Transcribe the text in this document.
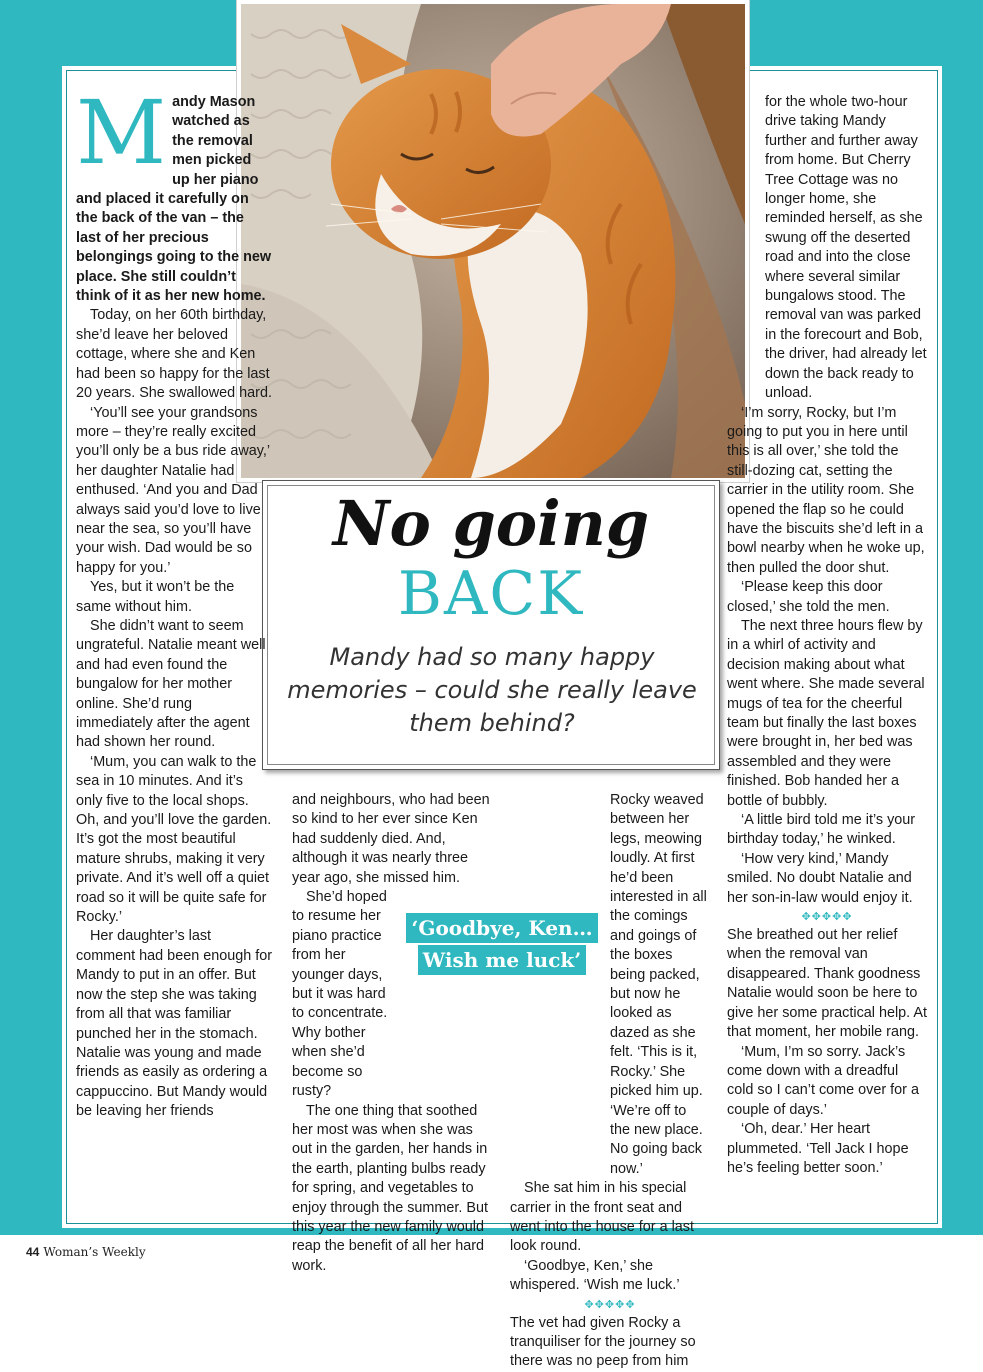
No going
BACK
Mandy had so many happy memories – could she really leave them behind?

Mandy Mason watched as the removal men picked up her piano and placed it carefully on the back of the van – the last of her precious belongings going to the new place. She still couldn’t think of it as her new home.

Today, on her 60th birthday, she’d leave her beloved cottage, where she and Ken had been so happy for the last 20 years. She swallowed hard.

‘You’ll see your grandsons more – they’re really excited you’ll only be a bus ride away,’ her daughter Natalie had enthused. ‘And you and Dad always said you’d love to live near the sea, so you’ll have your wish. Dad would be so happy for you.’

Yes, but it won’t be the same without him.

She didn’t want to seem ungrateful. Natalie meant well and had even found the bungalow for her mother online. She’d rung immediately after the agent had shown her round.

‘Mum, you can walk to the sea in 10 minutes. And it’s only five to the local shops. Oh, and you’ll love the garden. It’s got the most beautiful mature shrubs, making it very private. And it’s well off a quiet road so it will be quite safe for Rocky.’

Her daughter’s last comment had been enough for Mandy to put in an offer. But now the step she was taking from all that was familiar punched her in the stomach. Natalie was young and made friends as easily as ordering a cappuccino. But Mandy would be leaving her friends

and neighbours, who had been so kind to her ever since Ken had suddenly died. And, although it was nearly three year ago, she missed him.

She’d hoped to resume her piano practice from her younger days, but it was hard to concentrate. Why bother when she’d become so rusty?

The one thing that soothed her most was when she was out in the garden, her hands in the earth, planting bulbs ready for spring, and vegetables to enjoy through the summer. But this year the new family would reap the benefit of all her hard work.

Rocky weaved between her legs, meowing loudly. At first he’d been interested in all the comings and goings of the boxes being packed, but now he looked as dazed as she felt. ‘This is it, Rocky.’ She picked him up. ‘We’re off to the new place. No going back now.’

She sat him in his special carrier in the front seat and went into the house for a last look round.

‘Goodbye, Ken,’ she whispered. ‘Wish me luck.’

✥✥✥✥✥

The vet had given Rocky a tranquiliser for the journey so there was no peep from him

for the whole two-hour drive taking Mandy further and further away from home. But Cherry Tree Cottage was no longer home, she reminded herself, as she swung off the deserted road and into the close where several similar bungalows stood. The removal van was parked in the forecourt and Bob, the driver, had already let down the back ready to unload.

‘I’m sorry, Rocky, but I’m going to put you in here until this is all over,’ she told the still-dozing cat, setting the carrier in the utility room. She opened the flap so he could have the biscuits she’d left in a bowl nearby when he woke up, then pulled the door shut.

‘Please keep this door closed,’ she told the men.

The next three hours flew by in a whirl of activity and decision making about what went where. She made several mugs of tea for the cheerful team but finally the last boxes were brought in, her bed was assembled and they were finished. Bob handed her a bottle of bubbly.

‘A little bird told me it’s your birthday today,’ he winked.

‘How very kind,’ Mandy smiled. No doubt Natalie and her son-in-law would enjoy it.

✥✥✥✥✥

She breathed out her relief when the removal van disappeared. Thank goodness Natalie would soon be here to give her some practical help. At that moment, her mobile rang.

‘Mum, I’m so sorry. Jack’s come down with a dreadful cold so I can’t come over for a couple of days.’

‘Oh, dear.’ Her heart plummeted. ‘Tell Jack I hope he’s feeling better soon.’

‘Goodbye, Ken…
Wish me luck’
44 Woman’s Weekly
